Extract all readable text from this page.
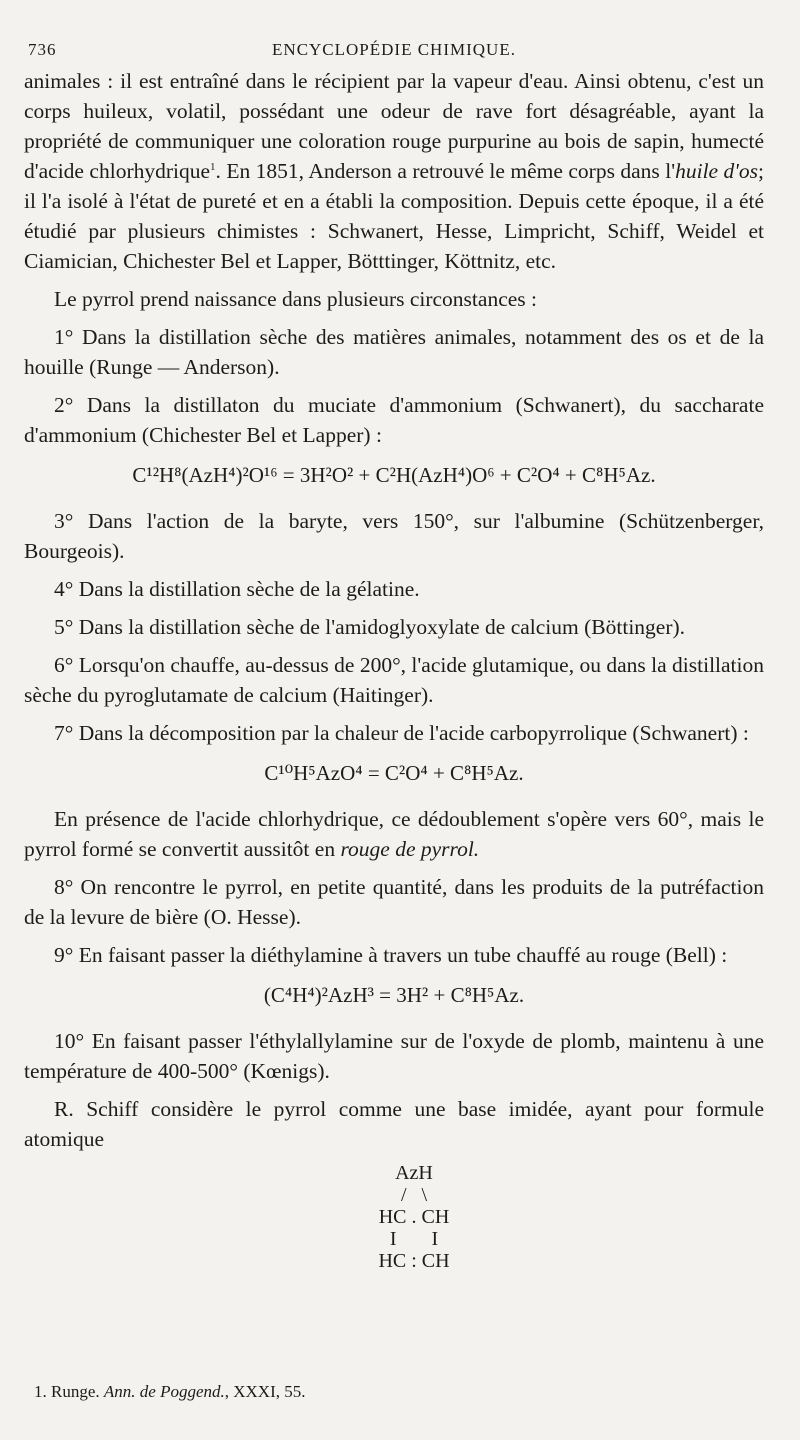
736	ENCYCLOPÉDIE CHIMIQUE.

animales : il est entraîné dans le récipient par la vapeur d'eau. Ainsi obtenu, c'est un corps huileux, volatil, possédant une odeur de rave fort désagréable, ayant la propriété de communiquer une coloration rouge purpurine au bois de sapin, humecté d'acide chlorhydrique$^1$. En 1851, Anderson a retrouvé le même corps dans l'huile d'os; il l'a isolé à l'état de pureté et en a établi la composition. Depuis cette époque, il a été étudié par plusieurs chimistes : Schwanert, Hesse, Limpricht, Schiff, Weidel et Ciamician, Chichester Bel et Lapper, Bötttinger, Köttnitz, etc.

Le pyrrol prend naissance dans plusieurs circonstances :

1° Dans la distillation sèche des matières animales, notamment des os et de la houille (Runge — Anderson).

2° Dans la distillaton du muciate d'ammonium (Schwanert), du saccharate d'ammonium (Chichester Bel et Lapper) :

C¹²H⁸(AzH⁴)²O¹⁶ = 3H²O² + C²H(AzH⁴)O⁶ + C²O⁴ + C⁸H⁵Az.

3° Dans l'action de la baryte, vers 150°, sur l'albumine (Schützenberger, Bourgeois).

4° Dans la distillation sèche de la gélatine.

5° Dans la distillation sèche de l'amidoglyoxylate de calcium (Böttinger).

6° Lorsqu'on chauffe, au-dessus de 200°, l'acide glutamique, ou dans la distillation sèche du pyroglutamate de calcium (Haitinger).

7° Dans la décomposition par la chaleur de l'acide carbopyrrolique (Schwanert) :

C¹⁰H⁵AzO⁴ = C²O⁴ + C⁸H⁵Az.

En présence de l'acide chlorhydrique, ce dédoublement s'opère vers 60°, mais le pyrrol formé se convertit aussitôt en rouge de pyrrol.

8° On rencontre le pyrrol, en petite quantité, dans les produits de la putréfaction de la levure de bière (O. Hesse).

9° En faisant passer la diéthylamine à travers un tube chauffé au rouge (Bell) :

(C⁴H⁴)²AzH³ = 3H² + C⁸H⁵Az.

10° En faisant passer l'éthylallylamine sur de l'oxyde de plomb, maintenu à une température de 400-500° (Kœnigs).

R. Schiff considère le pyrrol comme une base imidée, ayant pour formule atomique

AzH
/   \
HC . CH
I       I
HC : CH
1. Runge. Ann. de Poggend., XXXI, 55.
